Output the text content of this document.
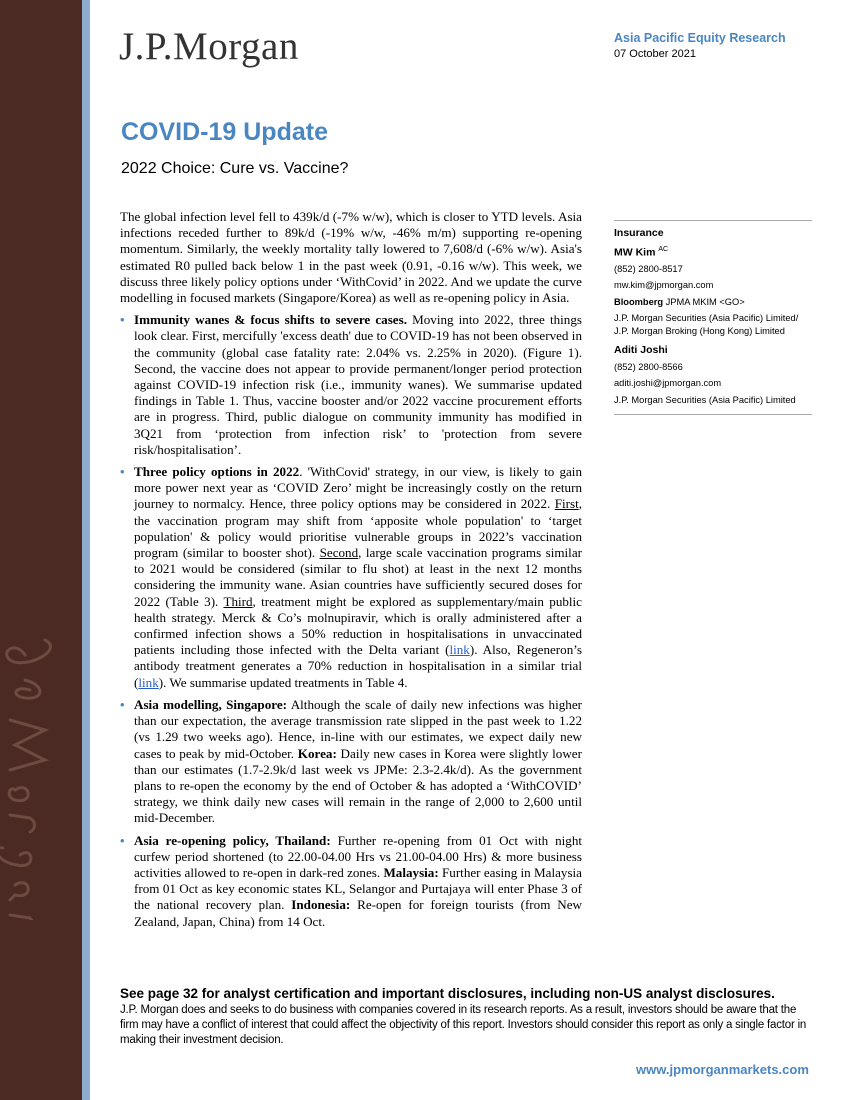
J.P.Morgan	Asia Pacific Equity Research
07 October 2021
COVID-19 Update
2022 Choice: Cure vs. Vaccine?

The global infection level fell to 439k/d (-7% w/w), which is closer to YTD levels. Asia infections receded further to 89k/d (-19% w/w, -46% m/m) supporting re-opening momentum. Similarly, the weekly mortality tally lowered to 7,608/d (-6% w/w). Asia's estimated R0 pulled back below 1 in the past week (0.91, -0.16 w/w). This week, we discuss three likely policy options under ‘WithCovid’ in 2022. And we update the curve modelling in focused markets (Singapore/Korea) as well as re-opening policy in Asia.

• Immunity wanes & focus shifts to severe cases. Moving into 2022, three things look clear. First, mercifully 'excess death' due to COVID-19 has not been observed in the community (global case fatality rate: 2.04% vs. 2.25% in 2020). (Figure 1). Second, the vaccine does not appear to provide permanent/longer period protection against COVID-19 infection risk (i.e., immunity wanes). We summarise updated findings in Table 1. Thus, vaccine booster and/or 2022 vaccine procurement efforts are in progress. Third, public dialogue on community immunity has modified in 3Q21 from ‘protection from infection risk’ to 'protection from severe risk/hospitalisation’.
• Three policy options in 2022. 'WithCovid' strategy, in our view, is likely to gain more power next year as ‘COVID Zero’ might be increasingly costly on the return journey to normalcy. Hence, three policy options may be considered in 2022. First, the vaccination program may shift from ‘apposite whole population' to ‘target population' & policy would prioritise vulnerable groups in 2022’s vaccination program (similar to booster shot). Second, large scale vaccination programs similar to 2021 would be considered (similar to flu shot) at least in the next 12 months considering the immunity wane. Asian countries have sufficiently secured doses for 2022 (Table 3). Third, treatment might be explored as supplementary/main public health strategy. Merck & Co’s molnupiravir, which is orally administered after a confirmed infection shows a 50% reduction in hospitalisations in unvaccinated patients including those infected with the Delta variant (link). Also, Regeneron’s antibody treatment generates a 70% reduction in hospitalisation in a similar trial (link). We summarise updated treatments in Table 4.
• Asia modelling, Singapore: Although the scale of daily new infections was higher than our expectation, the average transmission rate slipped in the past week to 1.22 (vs 1.29 two weeks ago). Hence, in-line with our estimates, we expect daily new cases to peak by mid-October. Korea: Daily new cases in Korea were slightly lower than our estimates (1.7-2.9k/d last week vs JPMe: 2.3-2.4k/d). As the government plans to re-open the economy by the end of October & has adopted a ‘WithCOVID’ strategy, we think daily new cases will remain in the range of 2,000 to 2,600 until mid-December.
• Asia re-opening policy, Thailand: Further re-opening from 01 Oct with night curfew period shortened (to 22.00-04.00 Hrs vs 21.00-04.00 Hrs) & more business activities allowed to re-open in dark-red zones. Malaysia: Further easing in Malaysia from 01 Oct as key economic states KL, Selangor and Purtajaya will enter Phase 3 of the national recovery plan. Indonesia: Re-open for foreign tourists (from New Zealand, Japan, China) from 14 Oct.
Insurance
MW Kim $^{AC}$
(852) 2800-8517
mw.kim@jpmorgan.com
Bloomberg JPMA MKIM <GO>
J.P. Morgan Securities (Asia Pacific) Limited/
J.P. Morgan Broking (Hong Kong) Limited
Aditi Joshi
(852) 2800-8566
aditi.joshi@jpmorgan.com
J.P. Morgan Securities (Asia Pacific) Limited
See page 32 for analyst certification and important disclosures, including non-US analyst disclosures.
J.P. Morgan does and seeks to do business with companies covered in its research reports. As a result, investors should be aware that the firm may have a conflict of interest that could affect the objectivity of this report. Investors should consider this report as only a single factor in making their investment decision.
www.jpmorganmarkets.com
